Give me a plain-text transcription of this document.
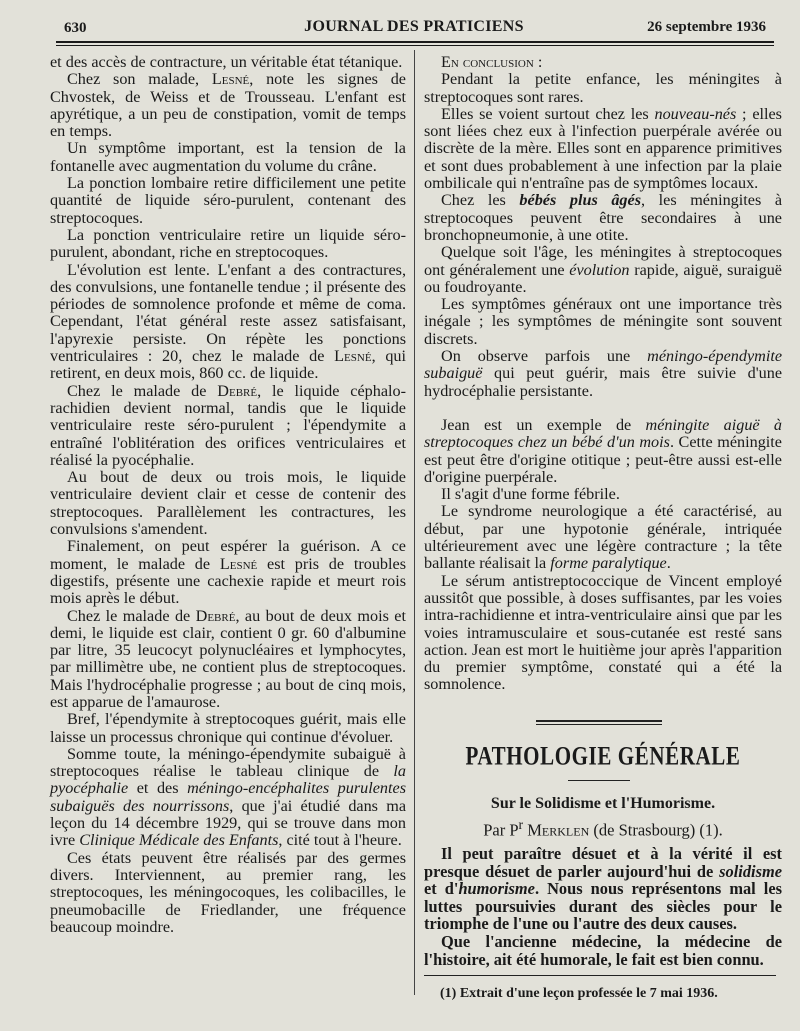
630	JOURNAL DES PRATICIENS	26 septembre 1936

et des accès de contracture, un véritable état tétanique.

Chez son malade, Lesné, note les signes de Chvostek, de Weiss et de Trousseau. L'enfant est apyrétique, a un peu de constipation, vomit de temps en temps.

Un symptôme important, est la tension de la fontanelle avec augmentation du volume du crâne.

La ponction lombaire retire difficilement une petite quantité de liquide séro-purulent, contenant des streptocoques.

La ponction ventriculaire retire un liquide séro-purulent, abondant, riche en streptocoques.

L'évolution est lente. L'enfant a des contractures, des convulsions, une fontanelle tendue ; il présente des périodes de somnolence profonde et même de coma. Cependant, l'état général reste assez satisfaisant, l'apyrexie persiste. On répète les ponctions ventriculaires : 20, chez le malade de Lesné, qui retirent, en deux mois, 860 cc. de liquide.

Chez le malade de Debré, le liquide céphalo-rachidien devient normal, tandis que le liquide ventriculaire reste séro-purulent ; l'épendymite a entraîné l'oblitération des orifices ventriculaires et réalisé la pyocéphalie.

Au bout de deux ou trois mois, le liquide ventriculaire devient clair et cesse de contenir des streptocoques. Parallèlement les contractures, les convulsions s'amendent.

Finalement, on peut espérer la guérison. A ce moment, le malade de Lesné est pris de troubles digestifs, présente une cachexie rapide et meurt rois mois après le début.

Chez le malade de Debré, au bout de deux mois et demi, le liquide est clair, contient 0 gr. 60 d'albumine par litre, 35 leucocyt polynucléaires et lymphocytes, par millimètre ube, ne contient plus de streptocoques. Mais l'hydrocéphalie progresse ; au bout de cinq mois, est apparue de l'amaurose.

Bref, l'épendymite à streptocoques guérit, mais elle laisse un processus chronique qui continue d'évoluer.

Somme toute, la méningo-épendymite subaiguë à streptocoques réalise le tableau clinique de la pyocéphalie et des méningo-encéphalites purulentes subaiguës des nourrissons, que j'ai étudié dans ma leçon du 14 décembre 1929, qui se trouve dans mon ivre Clinique Médicale des Enfants, cité tout à l'heure.

Ces états peuvent être réalisés par des germes divers. Interviennent, au premier rang, les streptocoques, les méningocoques, les colibacilles, le pneumobacille de Friedlander, une fréquence beaucoup moindre.

En conclusion :

Pendant la petite enfance, les méningites à streptocoques sont rares.

Elles se voient surtout chez les nouveau-nés ; elles sont liées chez eux à l'infection puerpérale avérée ou discrète de la mère. Elles sont en apparence primitives et sont dues probablement à une infection par la plaie ombilicale qui n'entraîne pas de symptômes locaux.

Chez les bébés plus âgés, les méningites à streptocoques peuvent être secondaires à une bronchopneumonie, à une otite.

Quelque soit l'âge, les méningites à streptocoques ont généralement une évolution rapide, aiguë, suraiguë ou foudroyante.

Les symptômes généraux ont une importance très inégale ; les symptômes de méningite sont souvent discrets.

On observe parfois une méningo-épendymite subaiguë qui peut guérir, mais être suivie d'une hydrocéphalie persistante.

Jean est un exemple de méningite aiguë à streptocoques chez un bébé d'un mois. Cette méningite est peut être d'origine otitique ; peut-être aussi est-elle d'origine puerpérale.

Il s'agit d'une forme fébrile.

Le syndrome neurologique a été caractérisé, au début, par une hypotonie générale, intriquée ultérieurement avec une légère contracture ; la tête ballante réalisait la forme paralytique.

Le sérum antistreptococcique de Vincent employé aussitôt que possible, à doses suffisantes, par les voies intra-rachidienne et intra-ventriculaire ainsi que par les voies intramusculaire et sous-cutanée est resté sans action. Jean est mort le huitième jour après l'apparition du premier symptôme, constaté qui a été la somnolence.

PATHOLOGIE GÉNÉRALE
Sur le Solidisme et l'Humorisme.
Par $P^r$ Merklen (de Strasbourg) (1).

Il peut paraître désuet et à la vérité il est presque désuet de parler aujourd'hui de solidisme et d'humorisme. Nous nous représentons mal les luttes poursuivies durant des siècles pour le triomphe de l'une ou l'autre des deux causes.

Que l'ancienne médecine, la médecine de l'histoire, ait été humorale, le fait est bien connu.

(1) Extrait d'une leçon professée le 7 mai 1936.
